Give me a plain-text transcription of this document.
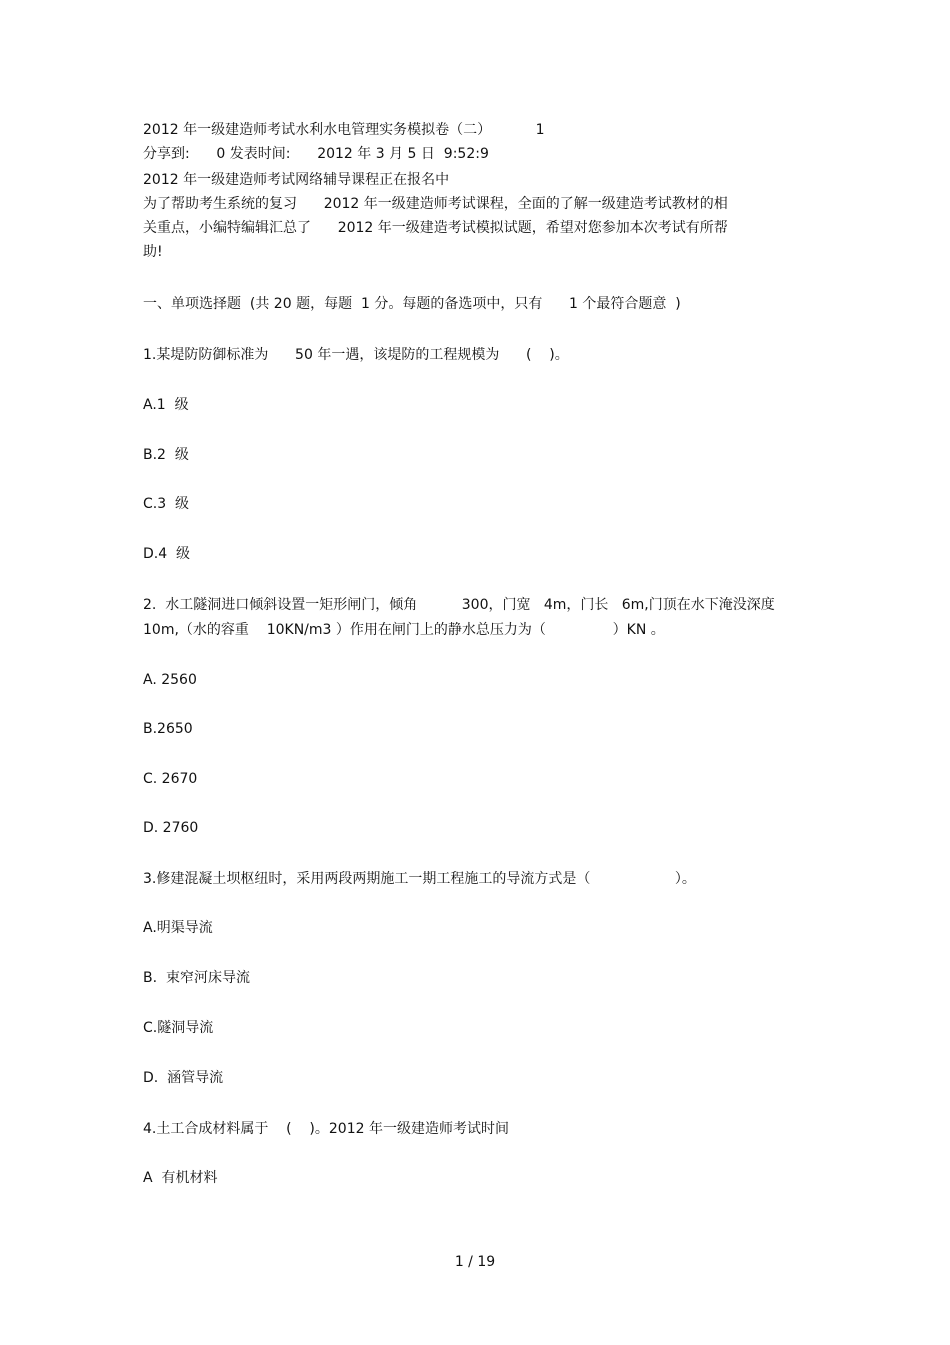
2012 年一级建造师考试水利水电管理实务模拟卷（二）          1
分享到:      0 发表时间:      2012 年 3 月 5 日  9:52:9
2012 年一级建造师考试网络辅导课程正在报名中
为了帮助考生系统的复习      2012 年一级建造师考试课程，全面的了解一级建造考试教材的相
关重点，小编特编辑汇总了      2012 年一级建造考试模拟试题，希望对您参加本次考试有所帮
助!
一、单项选择题  (共 20 题，每题  1 分。每题的备选项中，只有      1 个最符合题意  )
1.某堤防防御标准为      50 年一遇，该堤防的工程规模为      (    )。
A.1  级
B.2  级
C.3  级
D.4  级
2.  水工隧洞进口倾斜设置一矩形闸门，倾角          300，门宽   4m，门长   6m,门顶在水下淹没深度
10m,（水的容重    10KN/m3 ）作用在闸门上的静水总压力为（               ）KN 。
A. 2560
B.2650
C. 2670
D. 2760
3.修建混凝土坝枢纽时，采用两段两期施工一期工程施工的导流方式是（                   ）。
A.明渠导流
B.  束窄河床导流
C.隧洞导流
D.  涵管导流
4.土工合成材料属于    (    )。2012 年一级建造师考试时间
A  有机材料
1 / 19
